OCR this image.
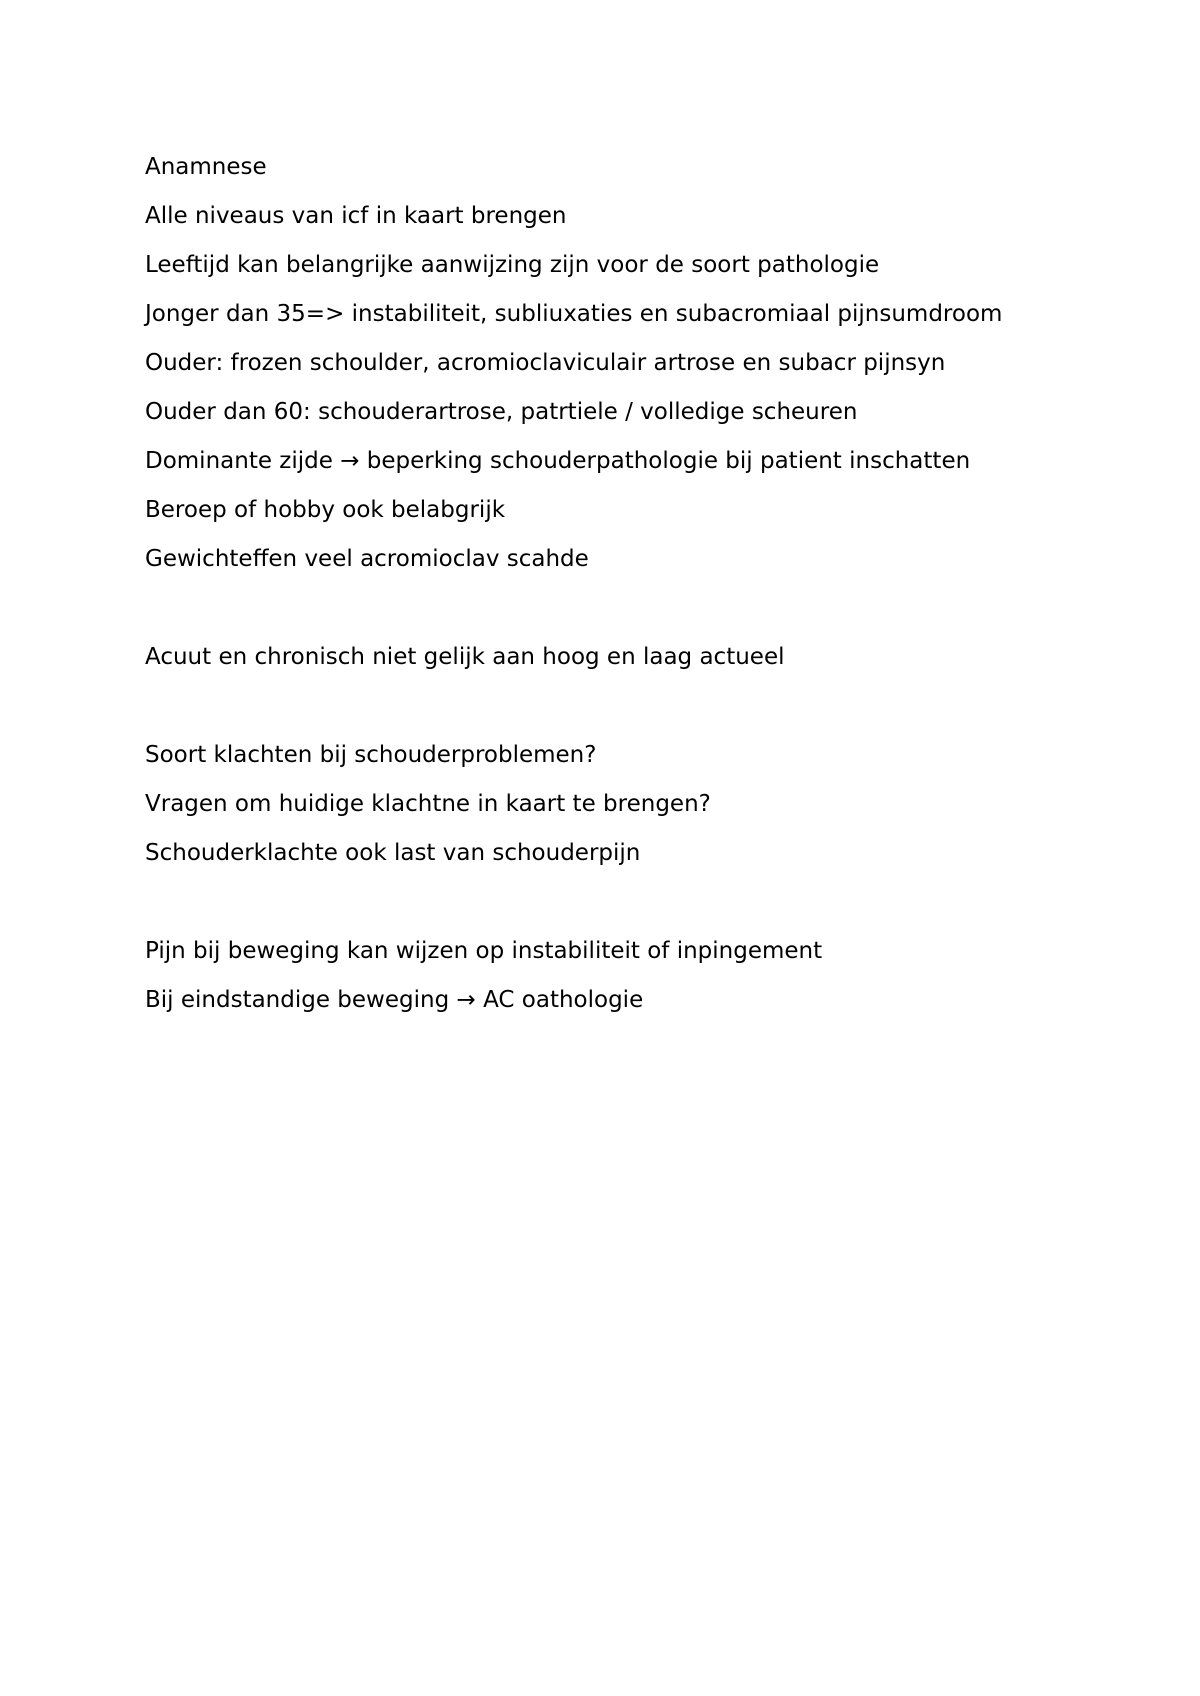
Anamnese
Alle niveaus van icf in kaart brengen
Leeftijd kan belangrijke aanwijzing zijn voor de soort pathologie
Jonger dan 35=> instabiliteit, subliuxaties en subacromiaal pijnsumdroom
Ouder: frozen schoulder, acromioclaviculair artrose en subacr pijnsyn
Ouder dan 60: schouderartrose, patrtiele / volledige scheuren
Dominante zijde → beperking schouderpathologie bij patient inschatten
Beroep of hobby ook belabgrijk
Gewichteffen veel acromioclav scahde
Acuut en chronisch niet gelijk aan hoog en laag actueel
Soort klachten bij schouderproblemen?
Vragen om huidige klachtne in kaart te brengen?
Schouderklachte ook last van schouderpijn
Pijn bij beweging kan wijzen op instabiliteit of inpingement
Bij eindstandige beweging → AC oathologie
